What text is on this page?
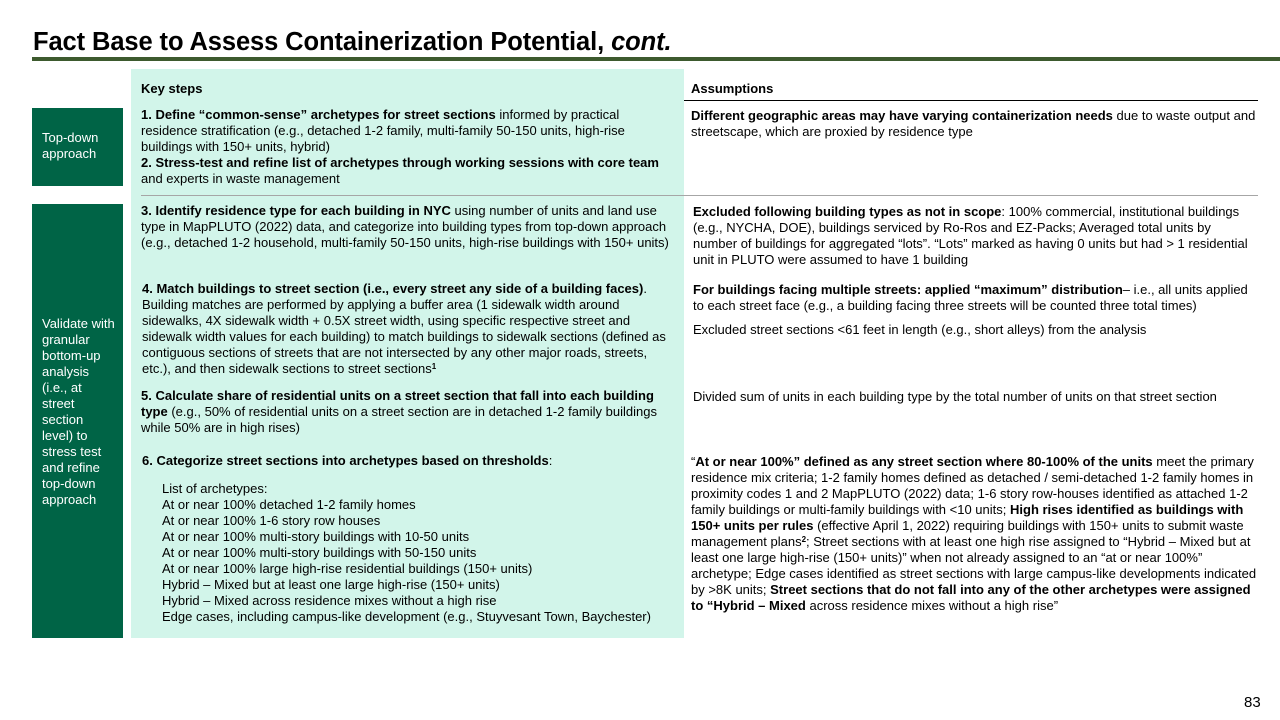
Fact Base to Assess Containerization Potential, cont.
Top-down approach
Validate with granular bottom-up analysis (i.e., at street section level) to stress test and refine top-down approach
Key steps	Assumptions

1. Define “common-sense” archetypes for street sections informed by practical residence stratification (e.g., detached 1-2 family, multi-family 50-150 units, high-rise buildings with 150+ units, hybrid)

2. Stress-test and refine list of archetypes through working sessions with core team and experts in waste management

3. Identify residence type for each building in NYC using number of units and land use type in MapPLUTO (2022) data, and categorize into building types from top-down approach (e.g., detached 1-2 household, multi-family 50-150 units, high-rise buildings with 150+ units)

4. Match buildings to street section (i.e., every street any side of a building faces). Building matches are performed by applying a buffer area (1 sidewalk width around sidewalks, 4X sidewalk width + 0.5X street width, using specific respective street and sidewalk width values for each building) to match buildings to sidewalk sections (defined as contiguous sections of streets that are not intersected by any other major roads, streets, etc.), and then sidewalk sections to street sections$^1$

5. Calculate share of residential units on a street section that fall into each building type (e.g., 50% of residential units on a street section are in detached 1-2 family buildings while 50% are in high rises)

6. Categorize street sections into archetypes based on thresholds:

List of archetypes:

At or near 100% detached 1-2 family homes
At or near 100% 1-6 story row houses
At or near 100% multi-story buildings with 10-50 units
At or near 100% multi-story buildings with 50-150 units
At or near 100% large high-rise residential buildings (150+ units)
Hybrid – Mixed but at least one large high-rise (150+ units)
Hybrid – Mixed across residence mixes without a high rise
Edge cases, including campus-like development (e.g., Stuyvesant Town, Baychester)

Different geographic areas may have varying containerization needs due to waste output and streetscape, which are proxied by residence type

Excluded following building types as not in scope: 100% commercial, institutional buildings (e.g., NYCHA, DOE), buildings serviced by Ro-Ros and EZ-Packs; Averaged total units by number of buildings for aggregated “lots”. “Lots” marked as having 0 units but had > 1 residential unit in PLUTO were assumed to have 1 building

For buildings facing multiple streets: applied “maximum” distribution– i.e., all units applied to each street face (e.g., a building facing three streets will be counted three total times)

Excluded street sections <61 feet in length (e.g., short alleys) from the analysis
Divided sum of units in each building type by the total number of units on that street section

“At or near 100%” defined as any street section where 80-100% of the units meet the primary residence mix criteria; 1-2 family homes defined as detached / semi-detached 1-2 family homes in proximity codes 1 and 2 MapPLUTO (2022) data; 1-6 story row-houses identified as attached 1-2 family buildings or multi-family buildings with <10 units; High rises identified as buildings with 150+ units per rules (effective April 1, 2022) requiring buildings with 150+ units to submit waste management plans$^2$; Street sections with at least one high rise assigned to “Hybrid – Mixed but at least one large high-rise (150+ units)” when not already assigned to an “at or near 100%” archetype; Edge cases identified as street sections with large campus-like developments indicated by >8K units; Street sections that do not fall into any of the other archetypes were assigned to “Hybrid – Mixed across residence mixes without a high rise”

83
